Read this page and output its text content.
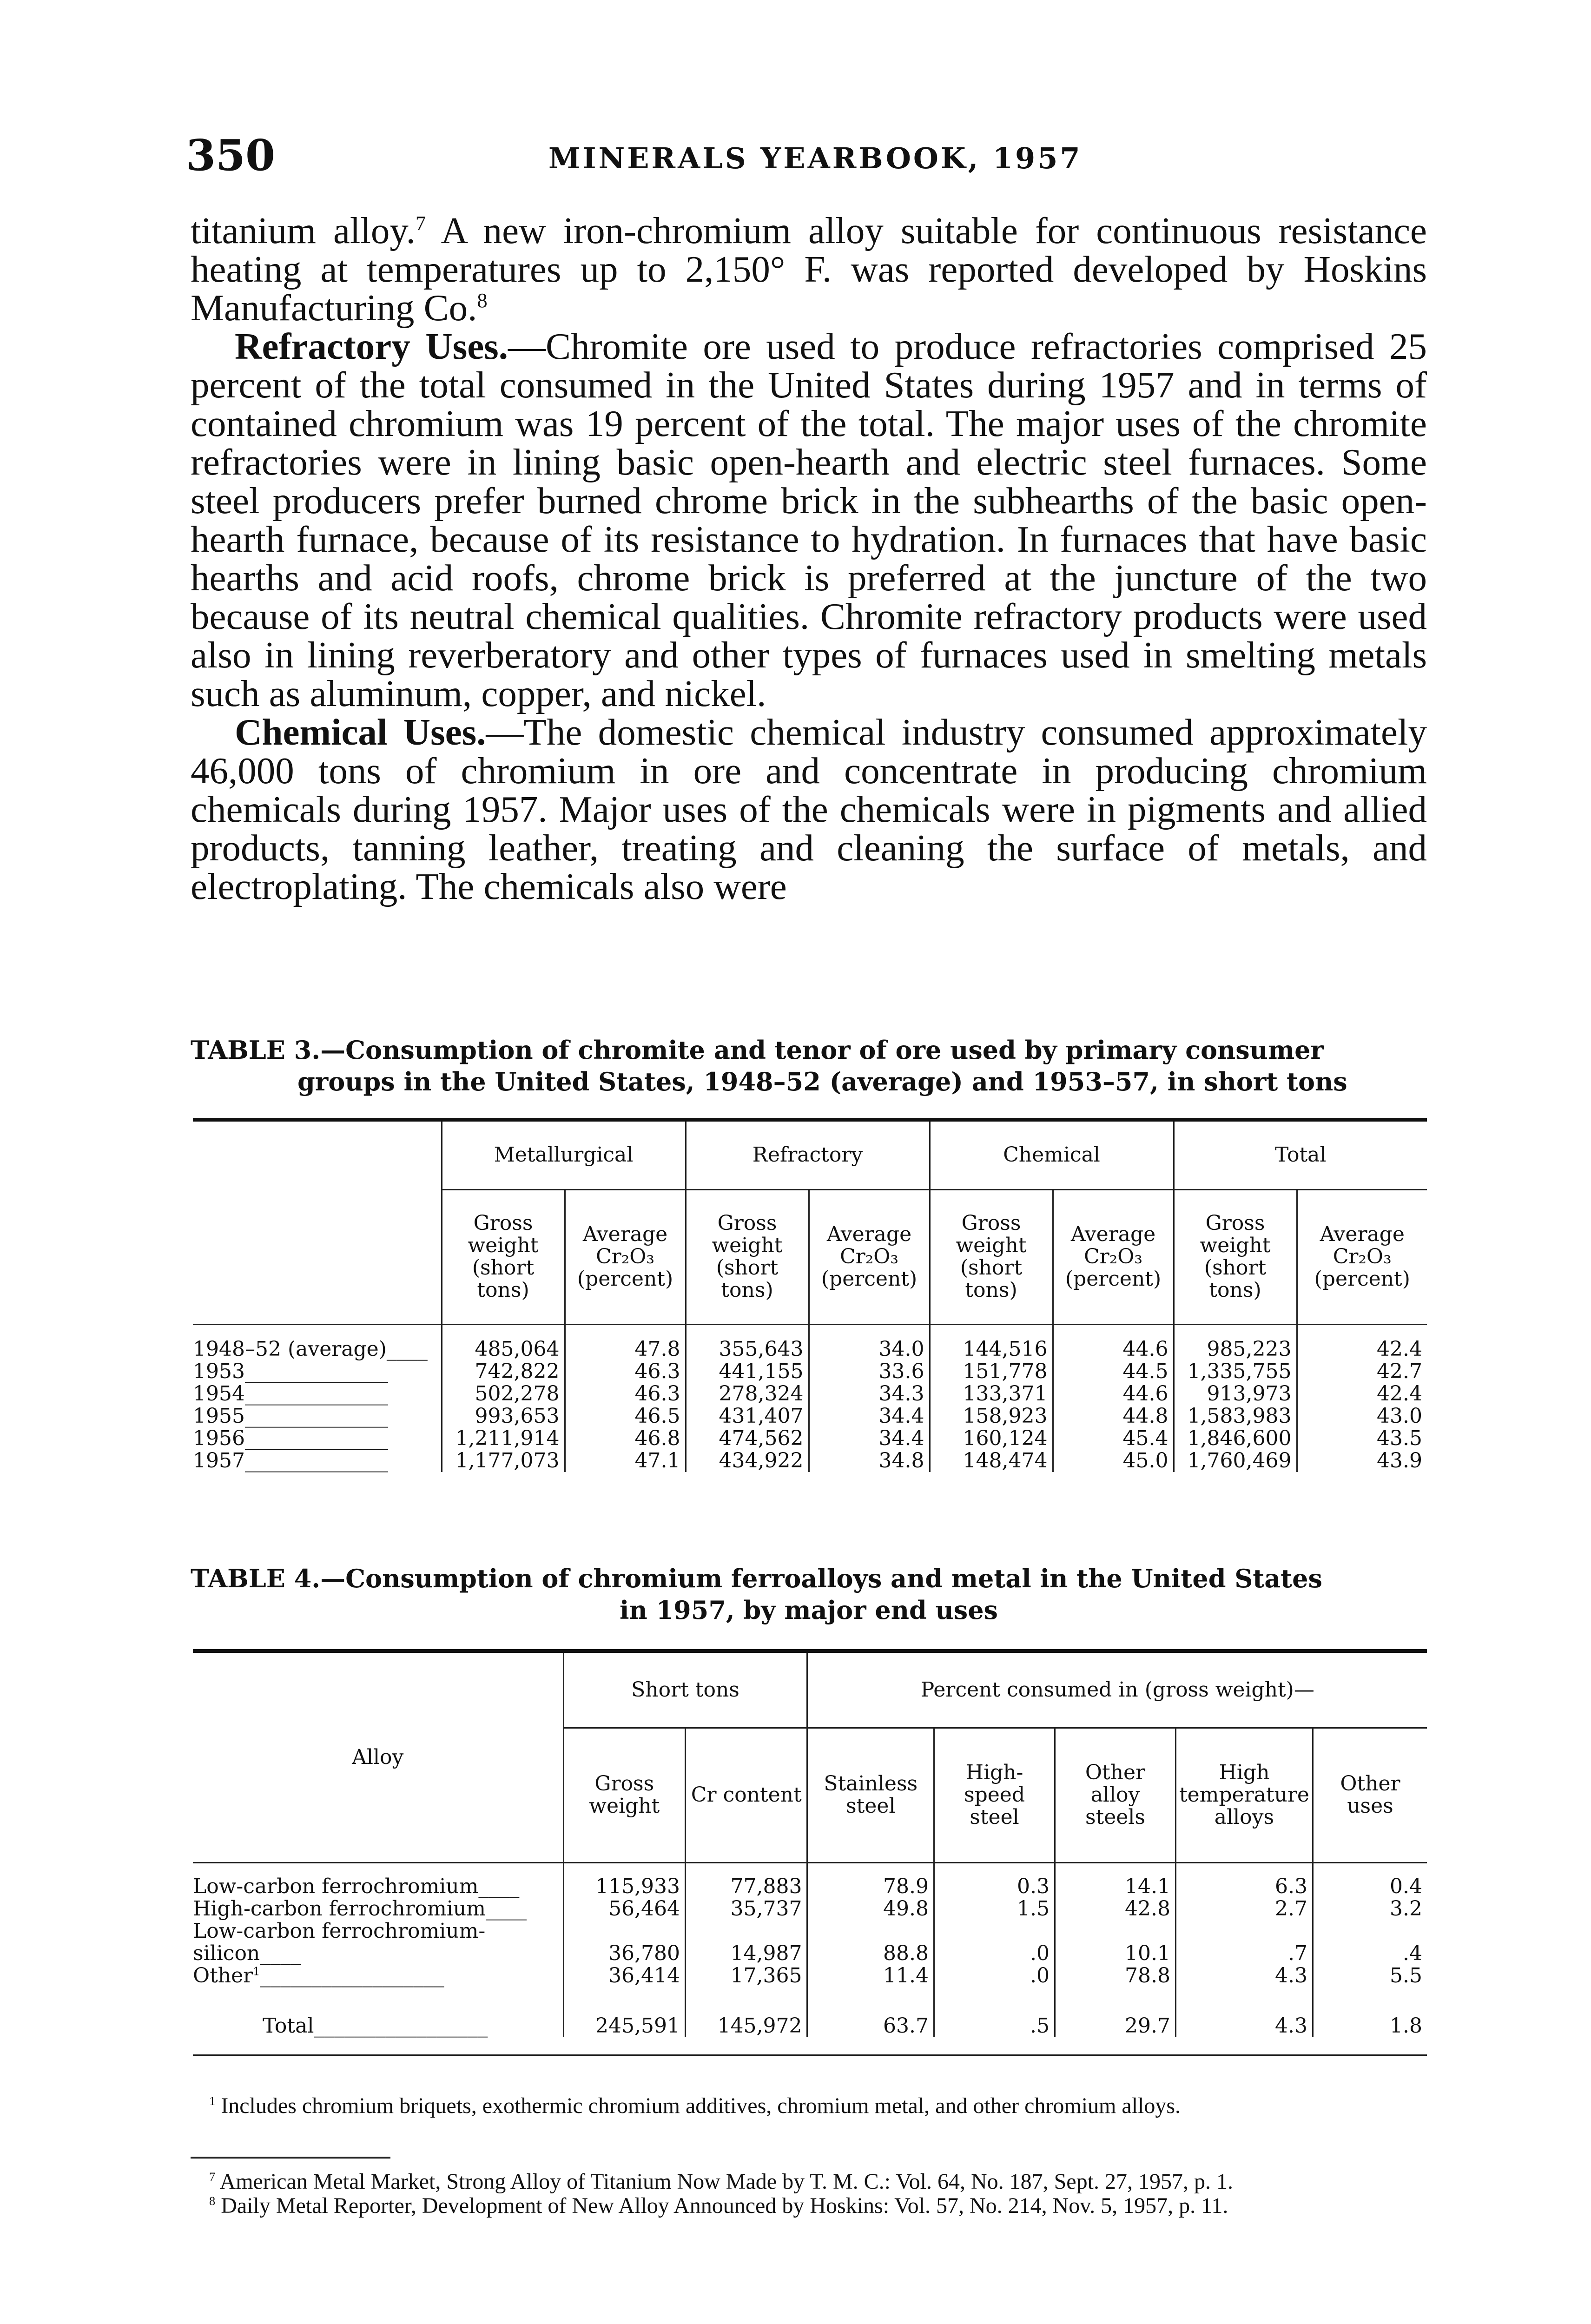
350	MINERALS YEARBOOK, 1957

titanium alloy.$^7$ A new iron-chromium alloy suitable for continuous resistance heating at temperatures up to 2,150° F. was reported developed by Hoskins Manufacturing Co.$^8$

Refractory Uses.—Chromite ore used to produce refractories comprised 25 percent of the total consumed in the United States during 1957 and in terms of contained chromium was 19 percent of the total. The major uses of the chromite refractories were in lining basic open-hearth and electric steel furnaces. Some steel producers prefer burned chrome brick in the subhearths of the basic open-hearth furnace, because of its resistance to hydration. In furnaces that have basic hearths and acid roofs, chrome brick is preferred at the juncture of the two because of its neutral chemical qualities. Chromite refractory products were used also in lining reverberatory and other types of furnaces used in smelting metals such as aluminum, copper, and nickel.

Chemical Uses.—The domestic chemical industry consumed approximately 46,000 tons of chromium in ore and concentrate in producing chromium chemicals during 1957. Major uses of the chemicals were in pigments and allied products, tanning leather, treating and cleaning the surface of metals, and electroplating. The chemicals also were

TABLE 3.—Consumption of chromite and tenor of ore used by primary consumer
groups in the United States, 1948–52 (average) and 1953–57, in short tons
	Metallurgical		Refractory		Chemical		Total	
	Gross weight (short tons)	Average Cr₂O₃ (percent)	Gross weight (short tons)	Average Cr₂O₃ (percent)	Gross weight (short tons)	Average Cr₂O₃ (percent)	Gross weight (short tons)	Average Cr₂O₃ (percent)

1948–52 (average)____	485,064	47.8	355,643	34.0	144,516	44.6	985,223	42.4
1953______________	742,822	46.3	441,155	33.6	151,778	44.5	1,335,755	42.7
1954______________	502,278	46.3	278,324	34.3	133,371	44.6	913,973	42.4
1955______________	993,653	46.5	431,407	34.4	158,923	44.8	1,583,983	43.0
1956______________	1,211,914	46.8	474,562	34.4	160,124	45.4	1,846,600	43.5
1957______________	1,177,073	47.1	434,922	34.8	148,474	45.0	1,760,469	43.9
TABLE 4.—Consumption of chromium ferroalloys and metal in the United States
in 1957, by major end uses
Alloy	Short tons		Percent consumed in (gross weight)—				
	Gross weight	Cr content	Stainless steel	High-speed steel	Other alloy steels	High temperature alloys	Other uses

Low-carbon ferrochromium____	115,933	77,883	78.9	0.3	14.1	6.3	0.4
High-carbon ferrochromium____	56,464	35,737	49.8	1.5	42.8	2.7	3.2
Low-carbon ferrochromium-silicon____	36,780	14,987	88.8	.0	10.1	.7	.4
Other$^1$__________________	36,414	17,365	11.4	.0	78.8	4.3	5.5

Total_________________	245,591	145,972	63.7	.5	29.7	4.3	1.8

$^1$ Includes chromium briquets, exothermic chromium additives, chromium metal, and other chromium alloys.

$^7$ American Metal Market, Strong Alloy of Titanium Now Made by T. M. C.: Vol. 64, No. 187, Sept. 27, 1957, p. 1.

$^8$ Daily Metal Reporter, Development of New Alloy Announced by Hoskins: Vol. 57, No. 214, Nov. 5, 1957, p. 11.
